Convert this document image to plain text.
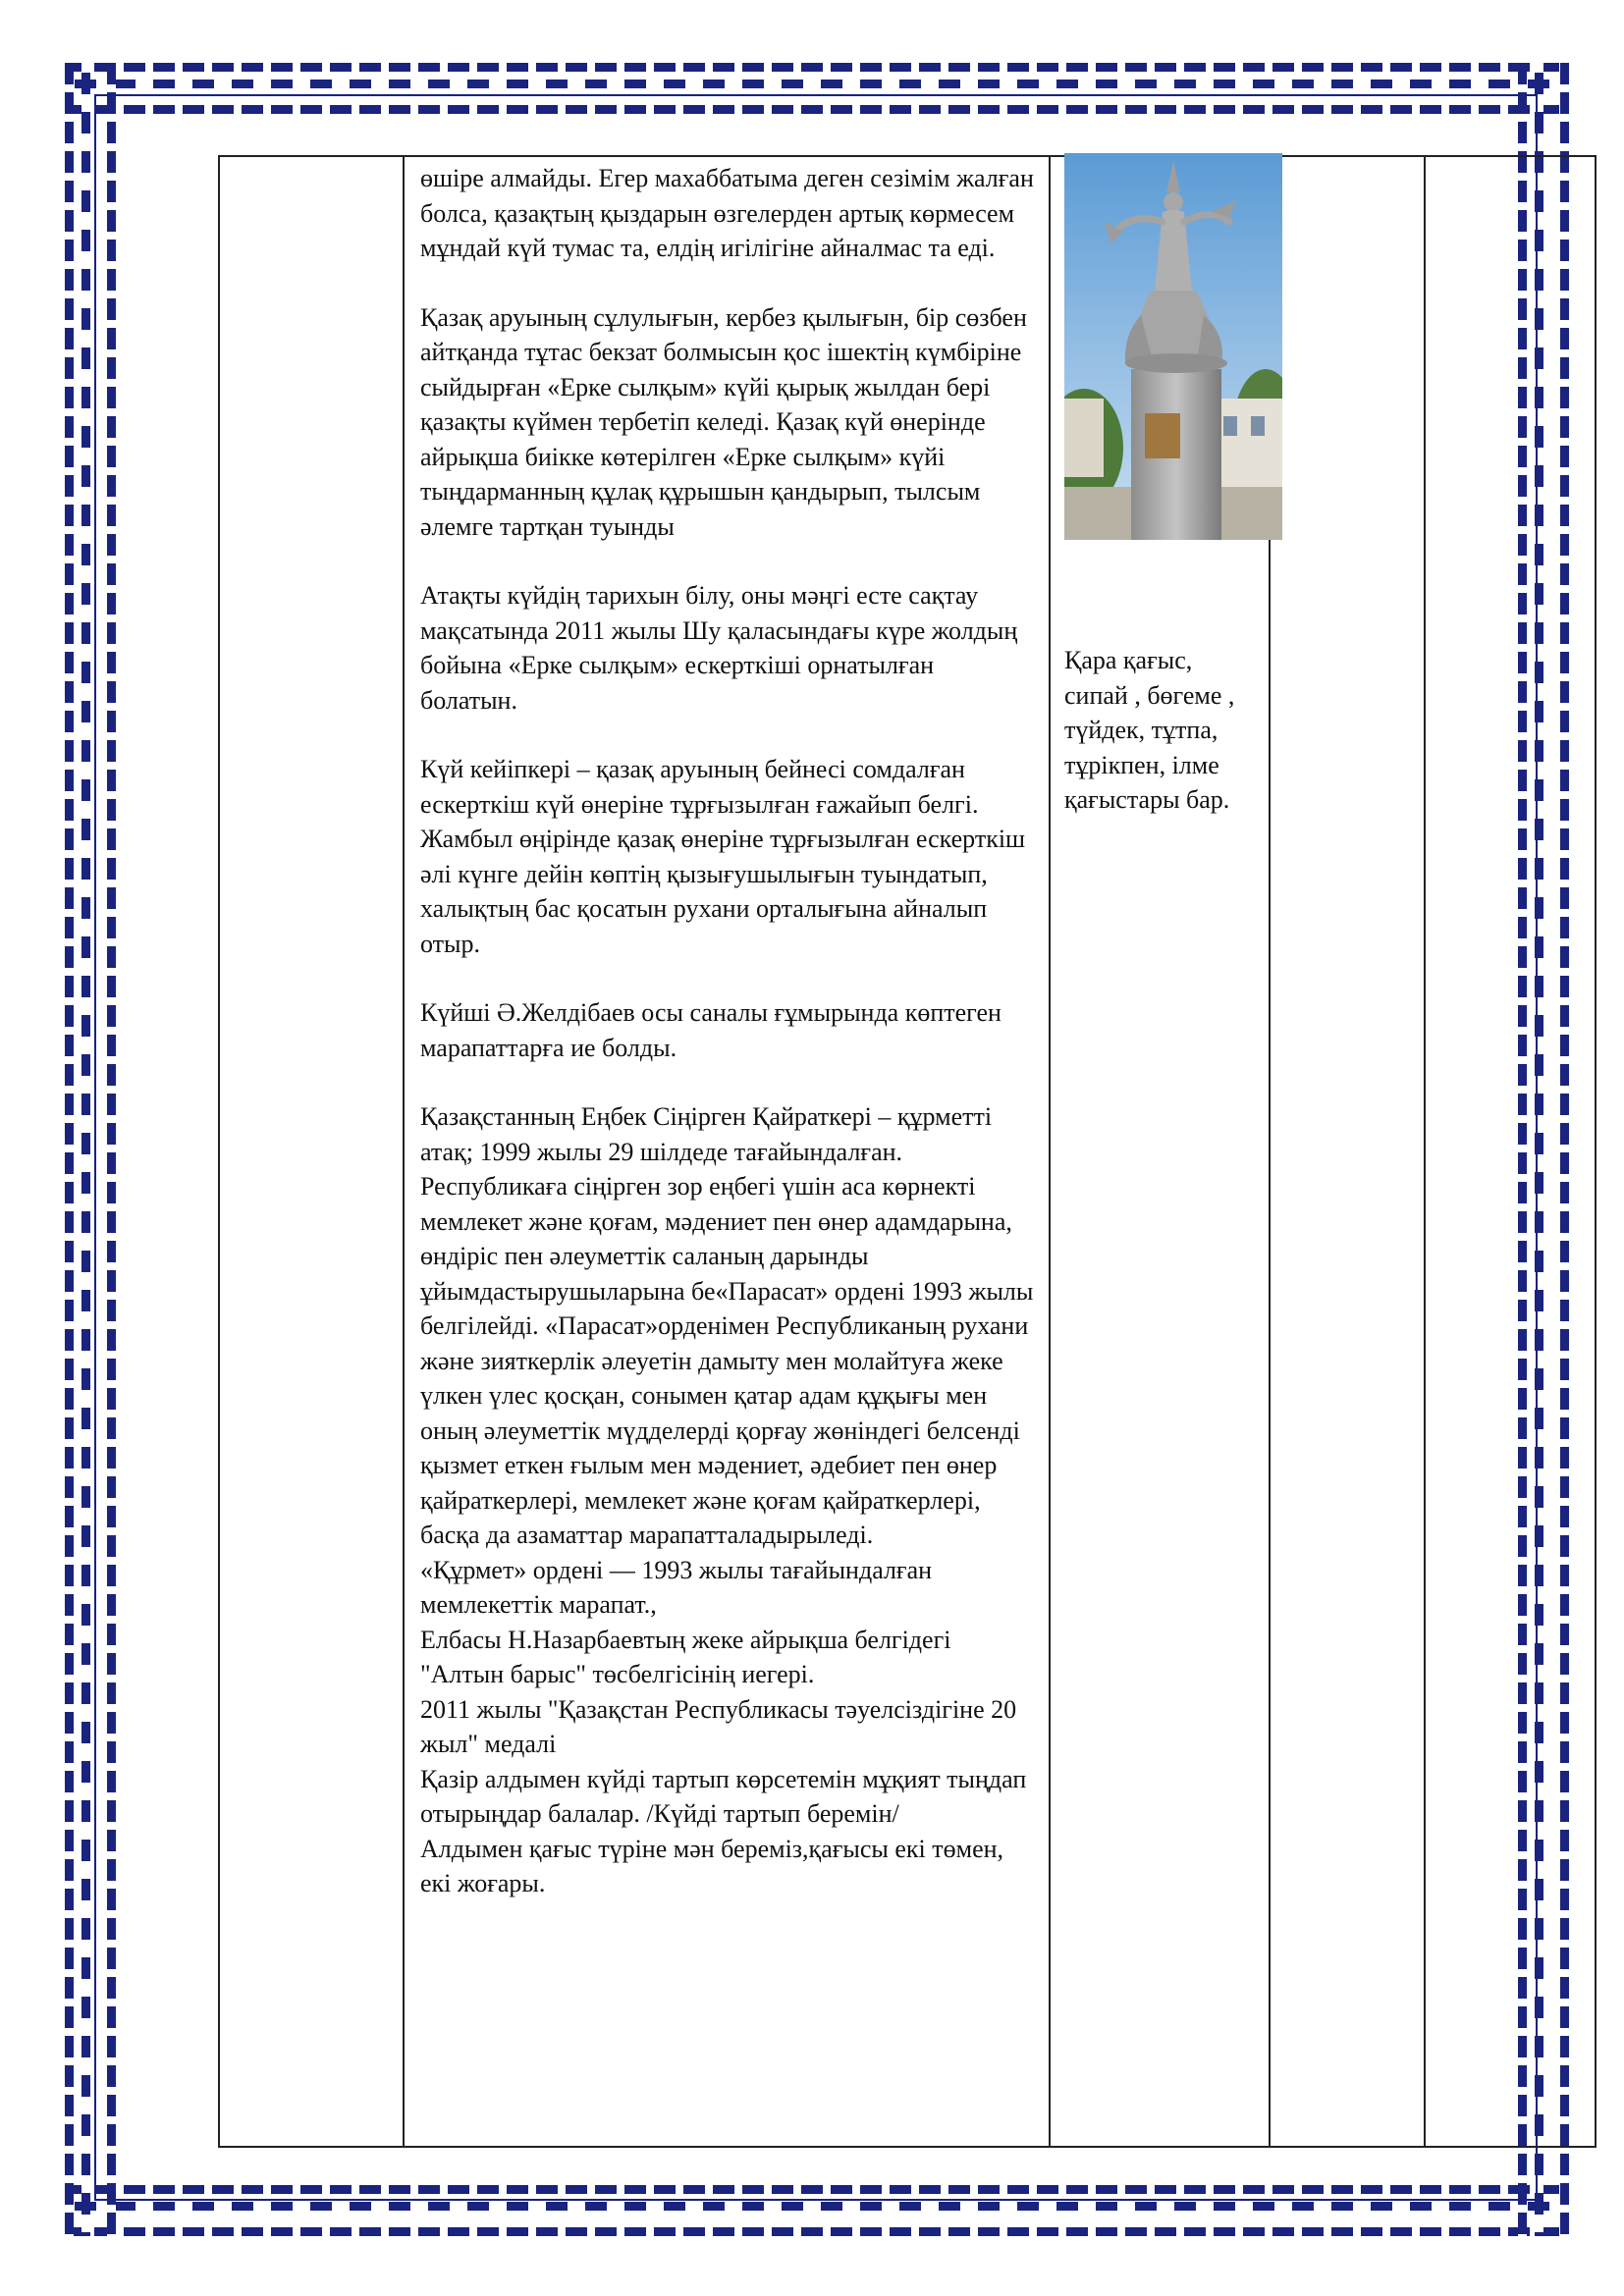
өшіре алмайды. Егер махаббатыма деген сезімім жалған болса, қазақтың қыздарын өзгелерден артық көрмесем мұндай күй тумас та, елдің игілігіне айналмас та еді.

Қазақ аруының сұлулығын, кербез қылығын, бір сөзбен айтқанда тұтас бекзат болмысын қос ішектің күмбіріне сыйдырған «Ерке сылқым» күйі қырық жылдан бері қазақты күймен тербетіп келеді. Қазақ күй өнерінде айрықша биікке көтерілген «Ерке сылқым» күйі тыңдарманның құлақ құрышын қандырып, тылсым әлемге тартқан туынды

Атақты күйдің тарихын білу, оны мәңгі есте сақтау мақсатында 2011 жылы Шу қаласындағы күре жолдың бойына «Ерке сылқым» ескерткіші орнатылған болатын.

Күй кейіпкері – қазақ аруының бейнесі сомдалған ескерткіш күй өнеріне тұрғызылған ғажайып белгі. Жамбыл өңірінде қазақ өнеріне тұрғызылған ескерткіш әлі күнге дейін көптің қызығушылығын туындатып, халықтың бас қосатын рухани орталығына айналып отыр.

Күйші Ә.Желдібаев осы саналы ғұмырында көптеген марапаттарға ие болды.

Қазақстанның Еңбек Сіңірген Қайраткері – құрметті атақ; 1999 жылы 29 шілдеде тағайындалған. Республикаға сіңірген зор еңбегі үшін аса көрнекті мемлекет және қоғам, мәдениет пен өнер адамдарына, өндіріс пен әлеуметтік саланың дарынды ұйымдастырушыларына бе«Парасат» ордені 1993 жылы белгілейді. «Парасат»орденімен Республиканың рухани және зияткерлік әлеуетін дамыту мен молайтуға жеке үлкен үлес қосқан, сонымен қатар адам құқығы мен оның әлеуметтік мүдделерді қорғау жөніндегі белсенді қызмет еткен ғылым мен мәдениет, әдебиет пен өнер қайраткерлері, мемлекет және қоғам қайраткерлері, басқа да азаматтар марапатталадырыледі.

«Құрмет» ордені — 1993 жылы тағайындалған мемлекеттік марапат.,

Елбасы Н.Назарбаевтың жеке айрықша белгідегі "Алтын барыс" төсбелгісінің иегері.

2011 жылы "Қазақстан Республикасы тәуелсіздігіне 20 жыл" медалі

Қазір алдымен күйді тартып көрсетемін мұқият тыңдап отырыңдар балалар. /Күйді тартып беремін/

Алдымен қағыс түріне мән береміз,қағысы екі төмен, екі жоғары.

Қара қағыс, сипай , бөгеме , түйдек, тұтпа, тұрікпен, ілме қағыстары бар.
